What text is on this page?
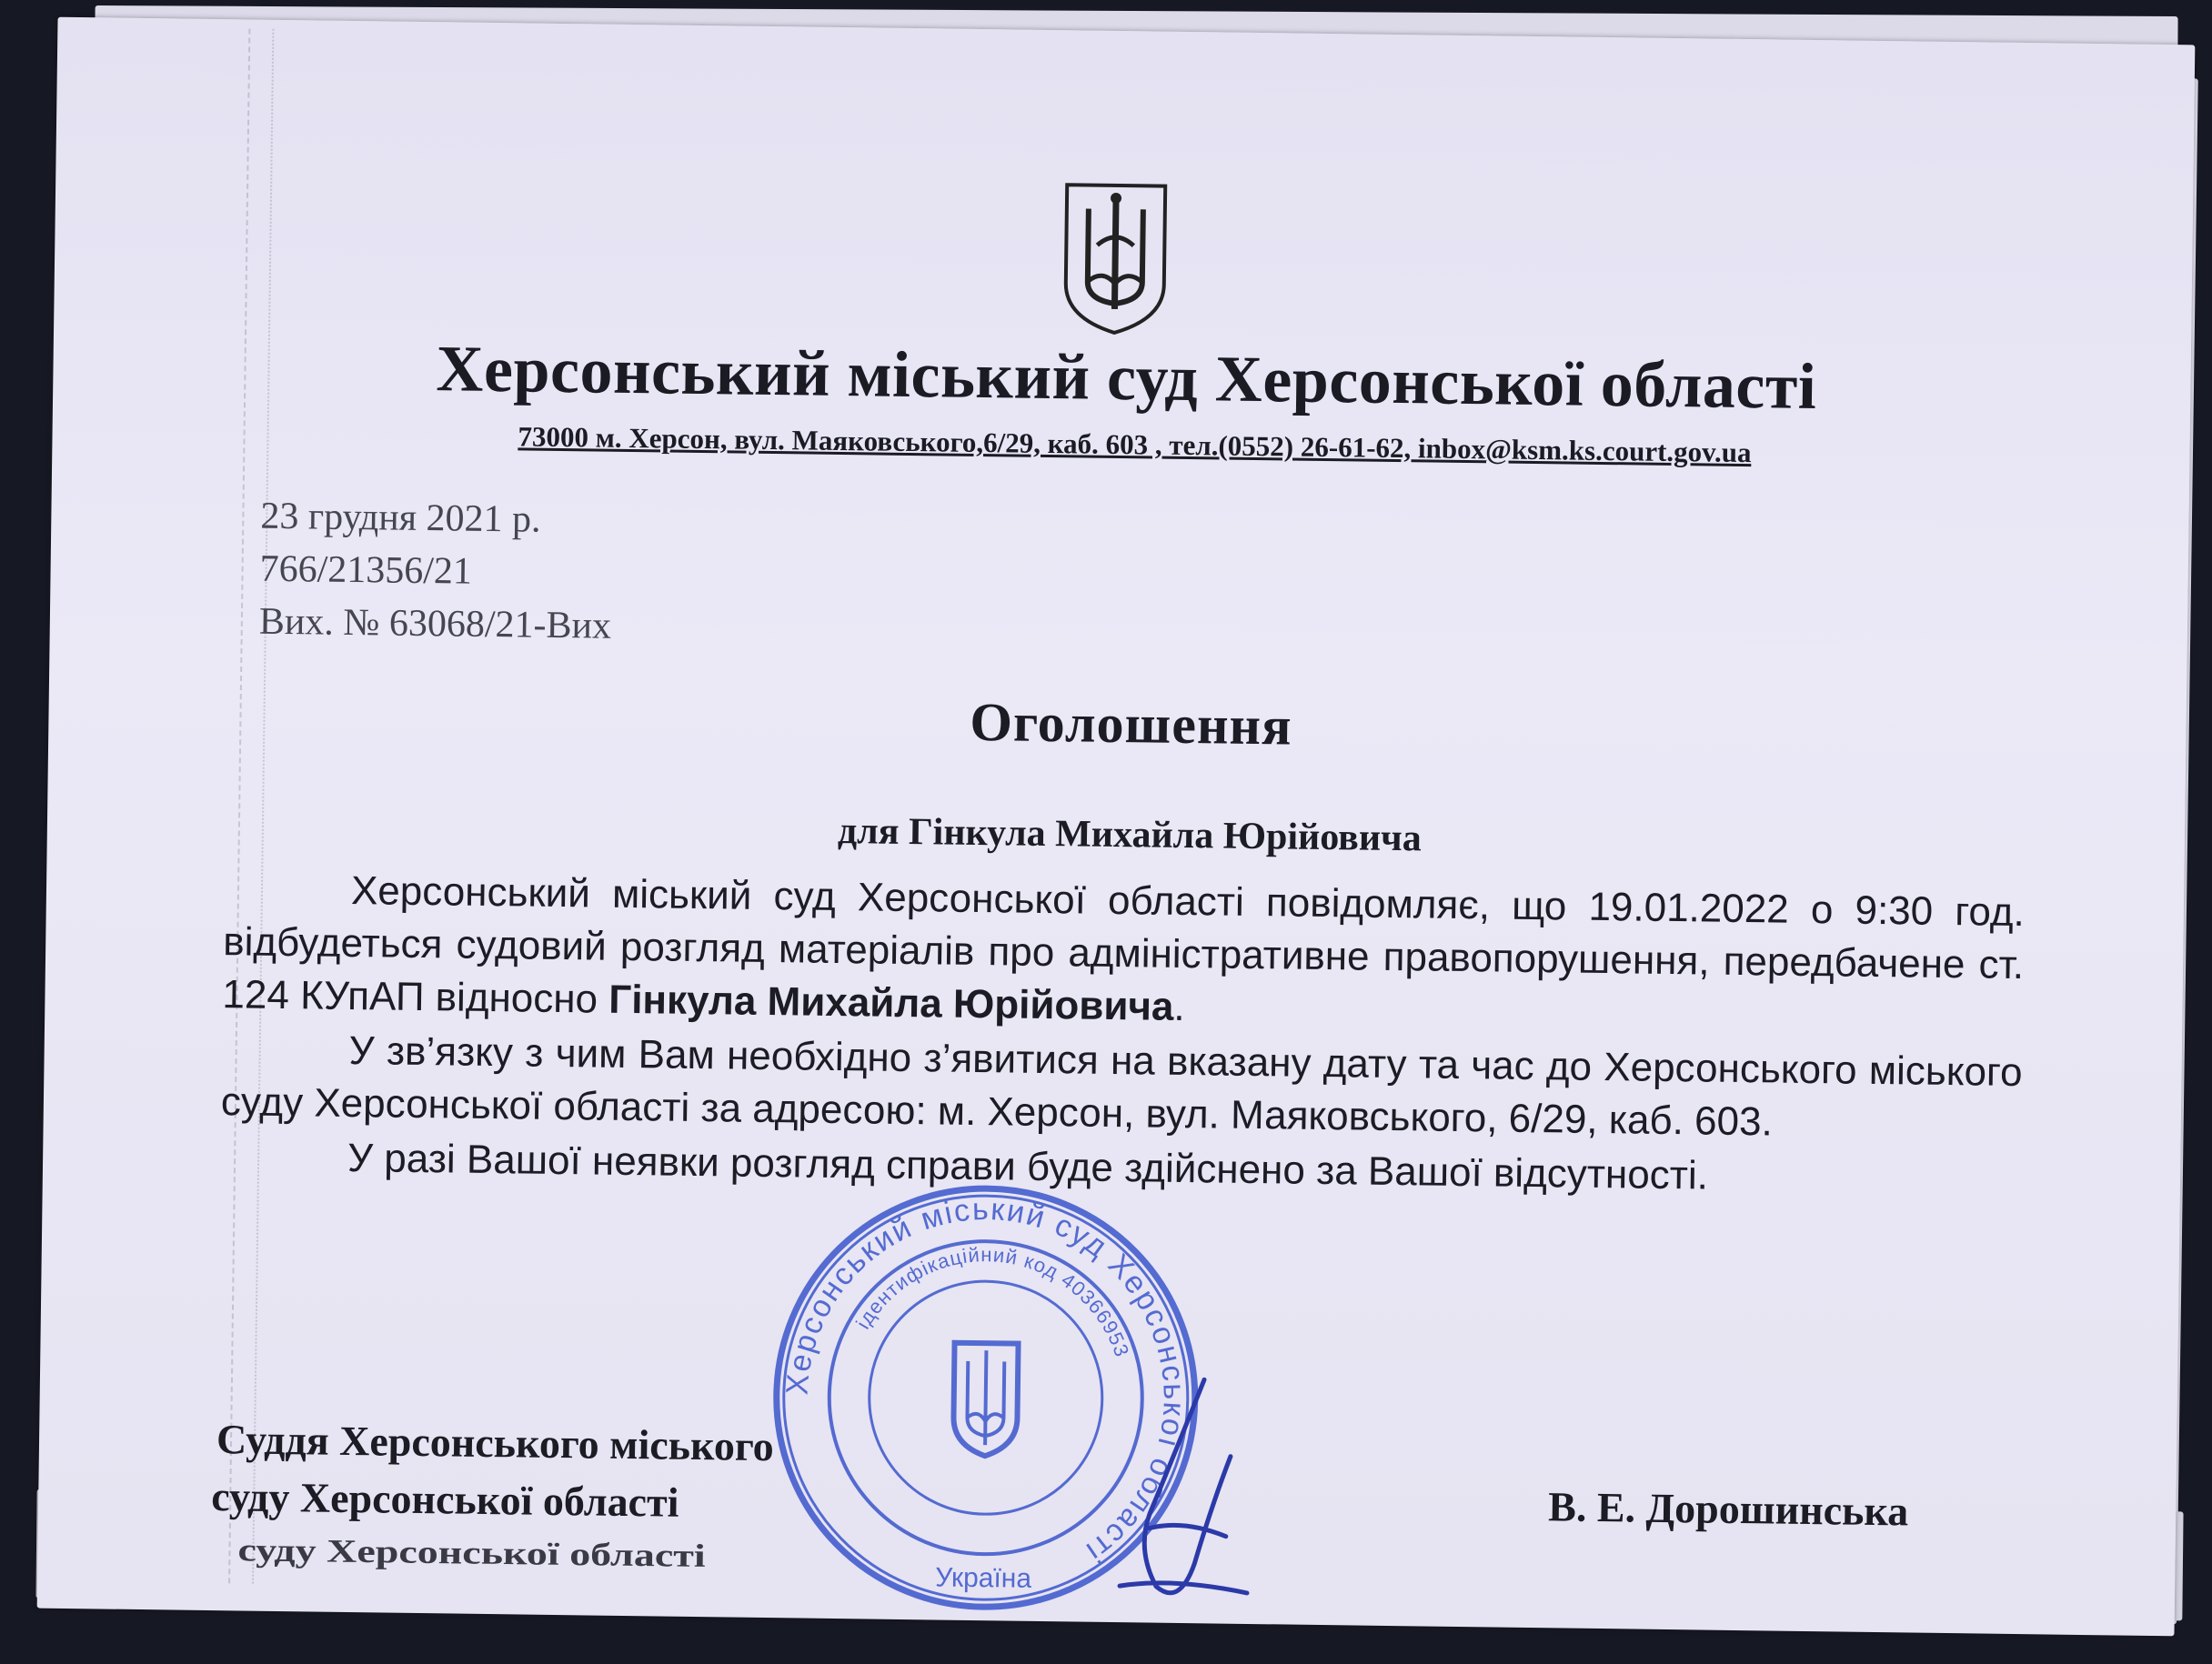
Херсонський міський суд Херсонської області
73000 м. Херсон, вул. Маяковського,6/29, каб. 603 , тел.(0552) 26-61-62, inbox@ksm.ks.court.gov.ua
23 грудня 2021 р.
766/21356/21
Вих. № 63068/21-Вих
Оголошення
для Гінкула Михайла Юрійовича

Херсонський міський суд Херсонської області повідомляє, що 19.01.2022 о 9:30 год. відбудеться судовий розгляд матеріалів про адміністративне правопорушення, передбачене ст. 124 КУпАП відносно Гінкула Михайла Юрійовича.

У зв’язку з чим Вам необхідно з’явитися на вказану дату та час до Херсонського міського суду Херсонської області за адресою: м. Херсон, вул. Маяковського, 6/29, каб. 603.

У разі Вашої неявки розгляд справи буде здійснено за Вашої відсутності.

Суддя Херсонського міського
суду Херсонської області
суду Херсонської області
В. Е. Дорошинська
Херсонський міський суд Херсонської області
ідентифікаційний код 40366953
Україна
